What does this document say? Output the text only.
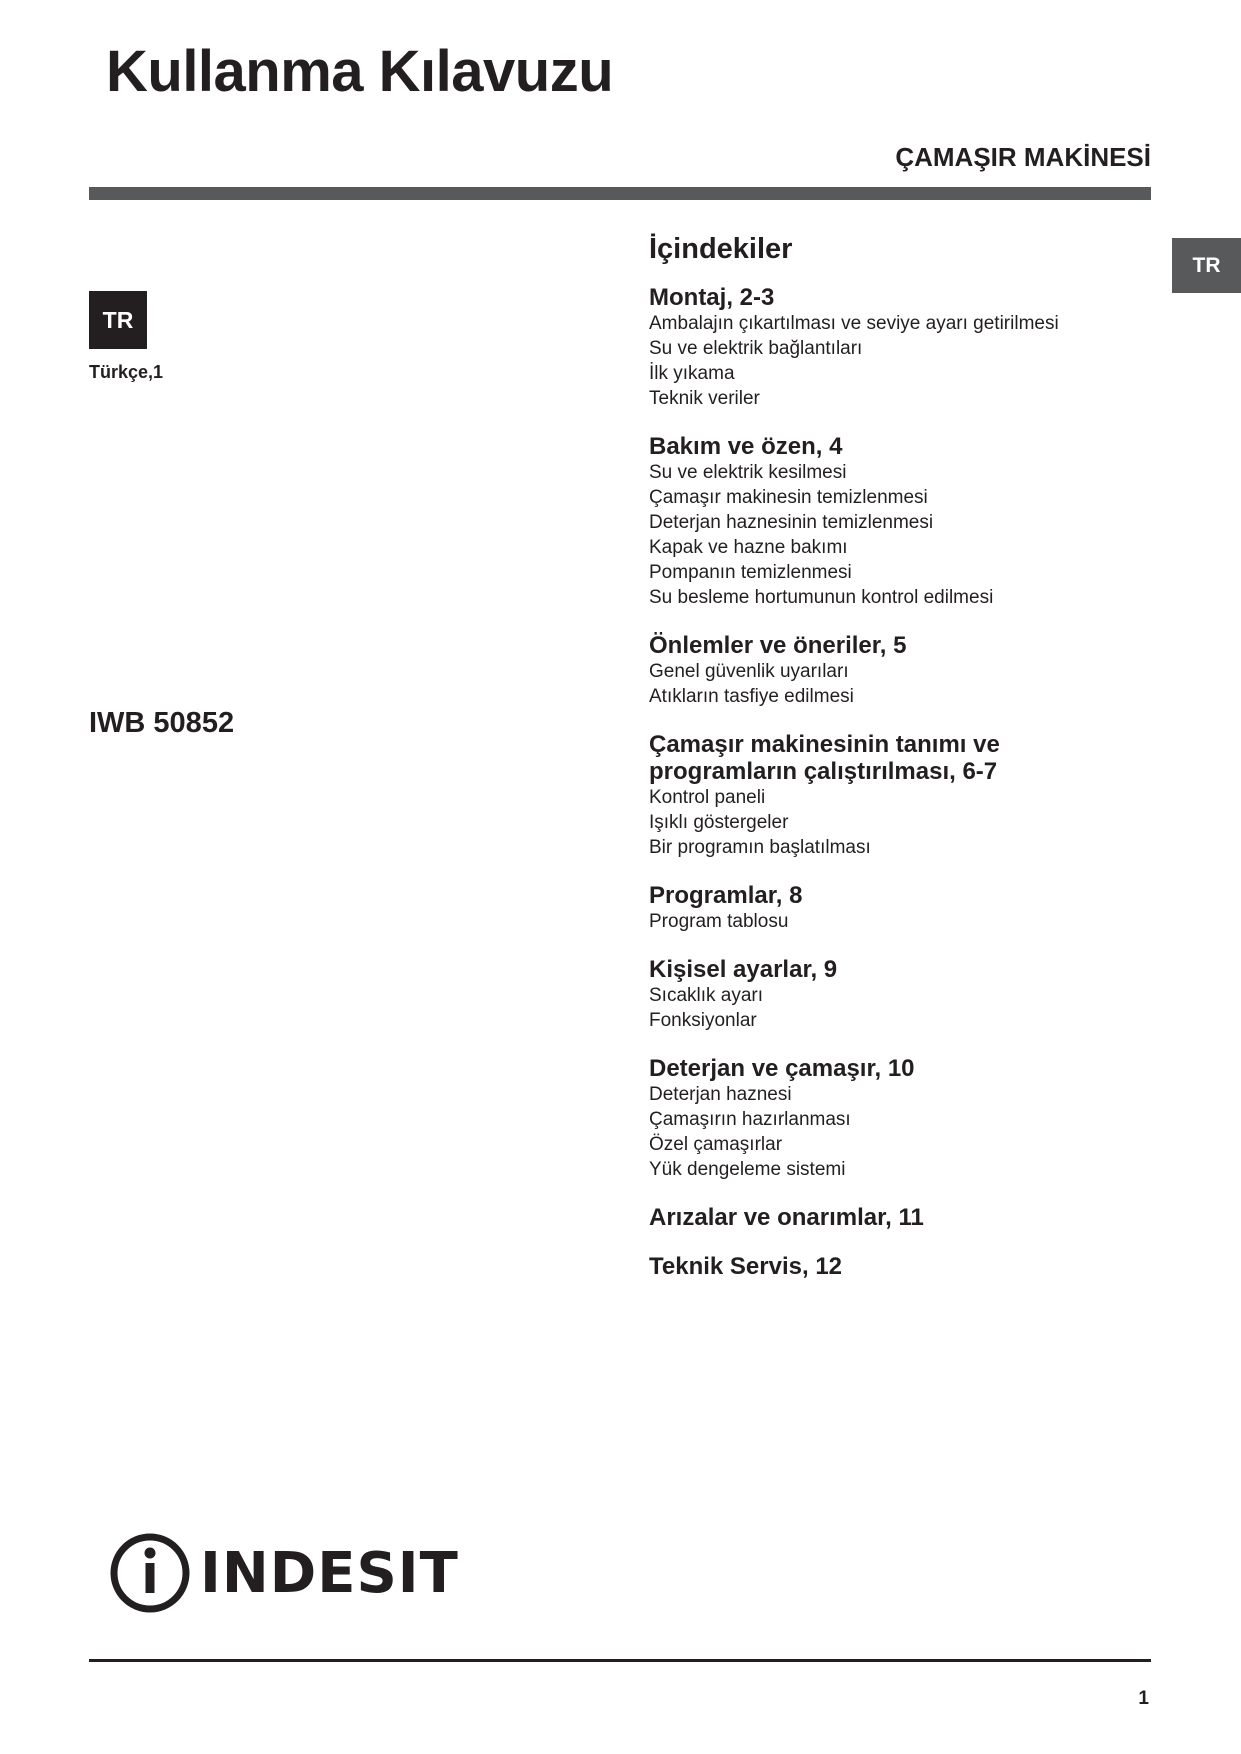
Kullanma Kılavuzu
ÇAMAŞIR MAKİNESİ
TR
TR
Türkçe,1
IWB 50852
İçindekiler
Montaj, 2-3
Ambalajın çıkartılması ve seviye ayarı getirilmesi
Su ve elektrik bağlantıları
İlk yıkama
Teknik veriler
Bakım ve özen, 4
Su ve elektrik kesilmesi
Çamaşır makinesin temizlenmesi
Deterjan haznesinin temizlenmesi
Kapak ve hazne bakımı
Pompanın temizlenmesi
Su besleme hortumunun kontrol edilmesi
Önlemler ve öneriler, 5
Genel güvenlik uyarıları
Atıkların tasfiye edilmesi
Çamaşır makinesinin tanımı ve
programların çalıştırılması, 6-7
Kontrol paneli
Işıklı göstergeler
Bir programın başlatılması
Programlar, 8
Program tablosu
Kişisel ayarlar, 9
Sıcaklık ayarı
Fonksiyonlar
Deterjan ve çamaşır, 10
Deterjan haznesi
Çamaşırın hazırlanması
Özel çamaşırlar
Yük dengeleme sistemi
Arızalar ve onarımlar, 11
Teknik Servis, 12
INDESIT
1
